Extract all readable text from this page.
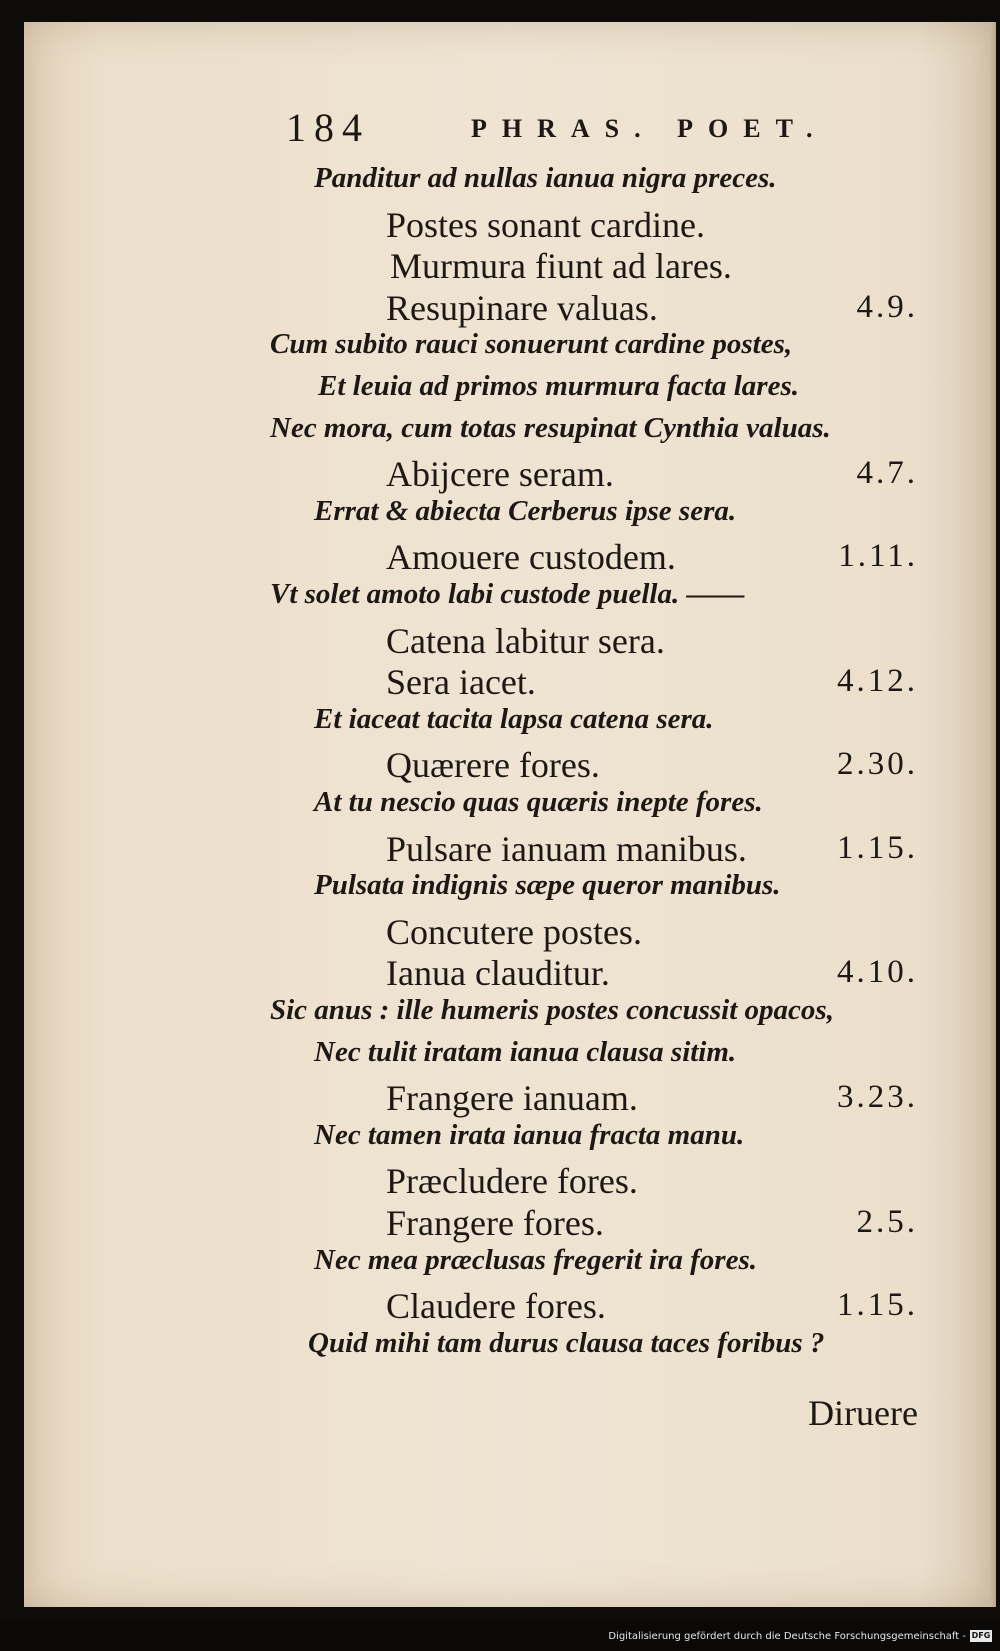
184	PHRAS. POET.
Panditur ad nullas ianua nigra preces.
Postes sonant cardine.
Murmura fiunt ad lares.
Resupinare valuas.	4.9.
Cum subito rauci sonuerunt cardine postes,
Et leuia ad primos murmura facta lares.
Nec mora, cum totas resupinat Cynthia valuas.
Abijcere seram.	4.7.
Errat & abiecta Cerberus ipse sera.
Amouere custodem.	1.11.
Vt solet amoto labi custode puella. ——
Catena labitur sera.
Sera iacet.	4.12.
Et iaceat tacita lapsa catena sera.
Quærere fores.	2.30.
At tu nescio quas quæris inepte fores.
Pulsare ianuam manibus.	1.15.
Pulsata indignis sæpe queror manibus.
Concutere postes.
Ianua clauditur.	4.10.
Sic anus : ille humeris postes concussit opacos,
Nec tulit iratam ianua clausa sitim.
Frangere ianuam.	3.23.
Nec tamen irata ianua fracta manu.
Præcludere fores.
Frangere fores.	2.5.
Nec mea præclusas fregerit ira fores.
Claudere fores.	1.15.
Quid mihi tam durus clausa taces foribus ?
Diruere
Digitalisierung gefördert durch die Deutsche Forschungsgemeinschaft - DFG
